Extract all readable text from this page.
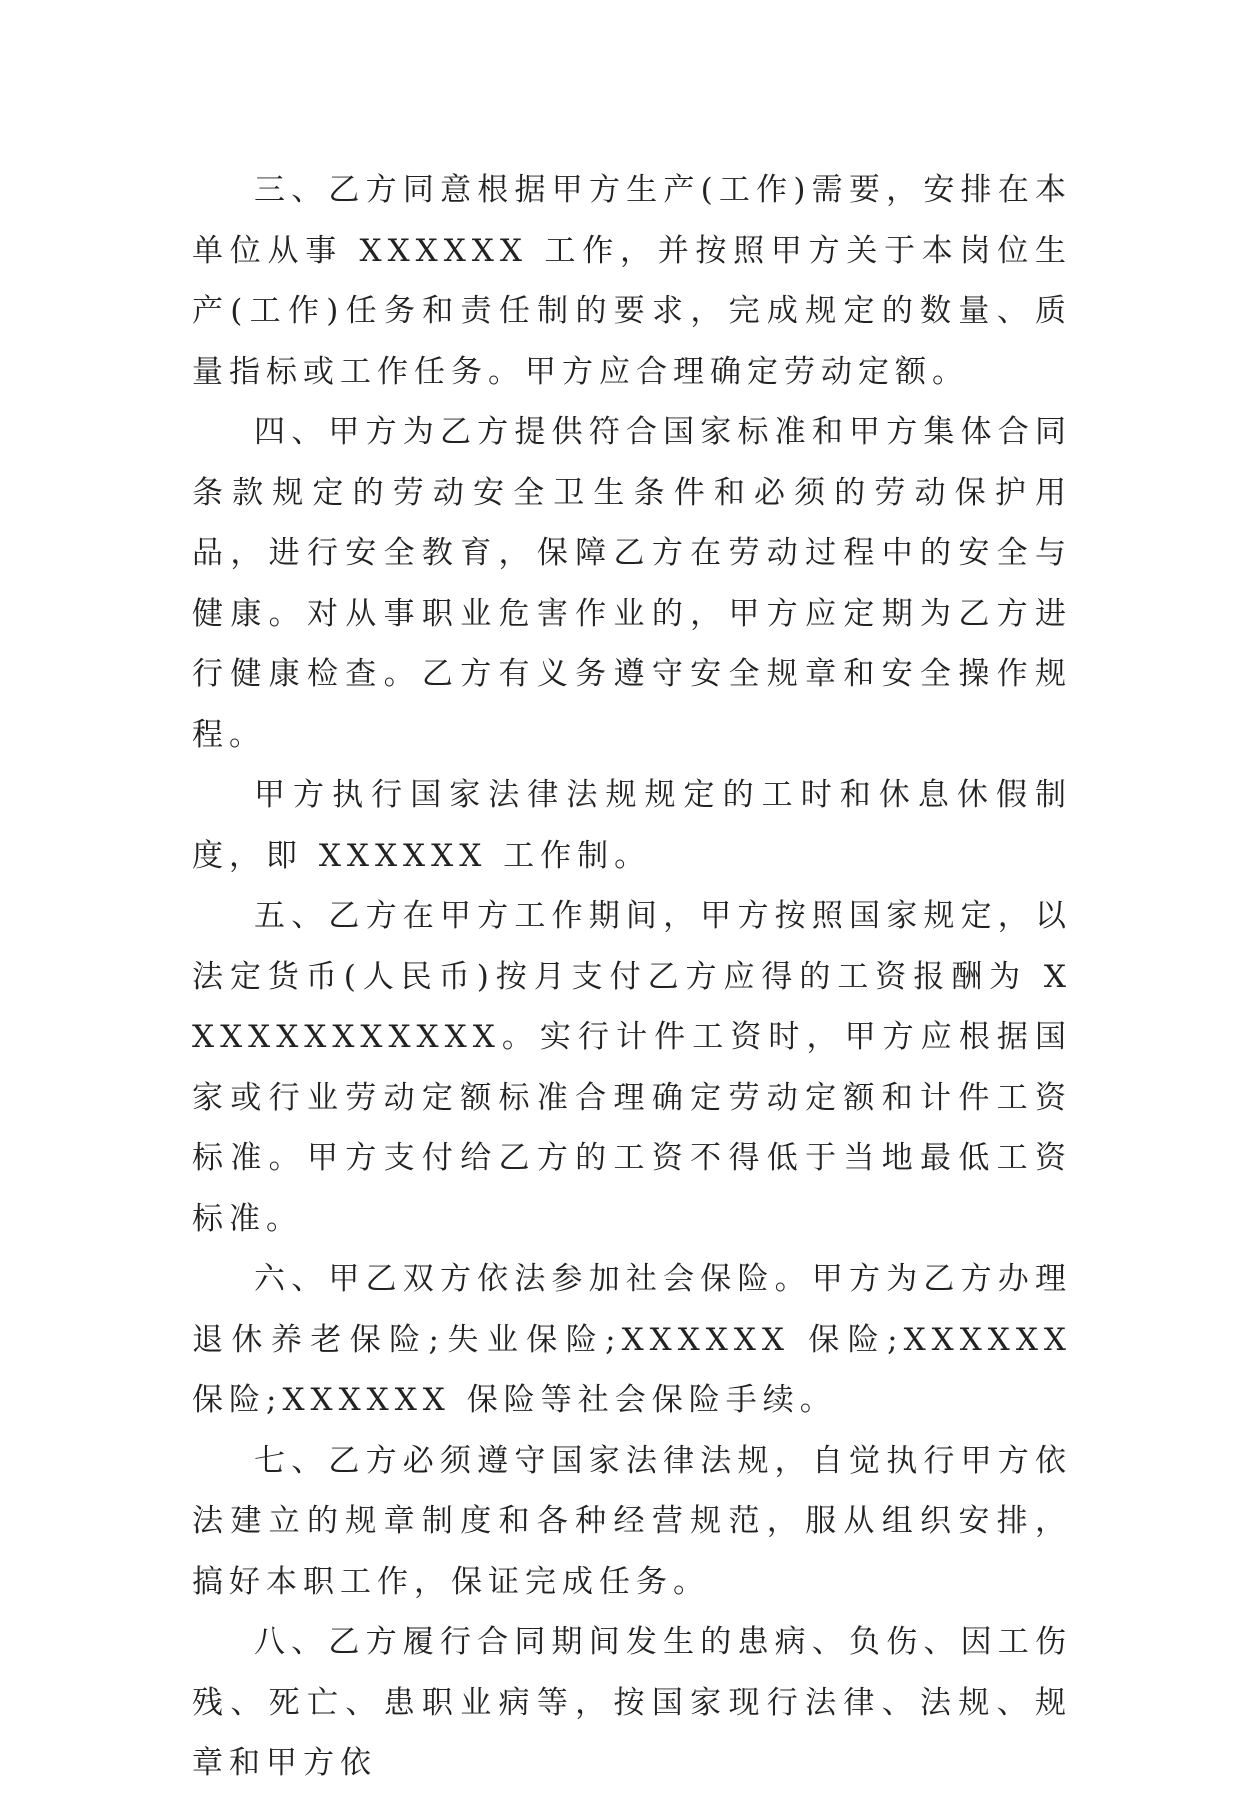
三、乙方同意根据甲方生产(工作)需要，安排在本单位从事 XXXXXX 工作，并按照甲方关于本岗位生产(工作)任务和责任制的要求，完成规定的数量、质量指标或工作任务。甲方应合理确定劳动定额。

四、甲方为乙方提供符合国家标准和甲方集体合同条款规定的劳动安全卫生条件和必须的劳动保护用品，进行安全教育，保障乙方在劳动过程中的安全与健康。对从事职业危害作业的，甲方应定期为乙方进行健康检查。乙方有义务遵守安全规章和安全操作规程。

甲方执行国家法律法规规定的工时和休息休假制度，即 XXXXXX 工作制。

五、乙方在甲方工作期间，甲方按照国家规定，以法定货币(人民币)按月支付乙方应得的工资报酬为 XXXXXXXXXXXX。实行计件工资时，甲方应根据国家或行业劳动定额标准合理确定劳动定额和计件工资标准。甲方支付给乙方的工资不得低于当地最低工资标准。

六、甲乙双方依法参加社会保险。甲方为乙方办理退休养老保险;失业保险;XXXXXX 保险;XXXXXX 保险;XXXXXX 保险等社会保险手续。

七、乙方必须遵守国家法律法规，自觉执行甲方依法建立的规章制度和各种经营规范，服从组织安排，搞好本职工作，保证完成任务。

八、乙方履行合同期间发生的患病、负伤、因工伤残、死亡、患职业病等，按国家现行法律、法规、规章和甲方依
